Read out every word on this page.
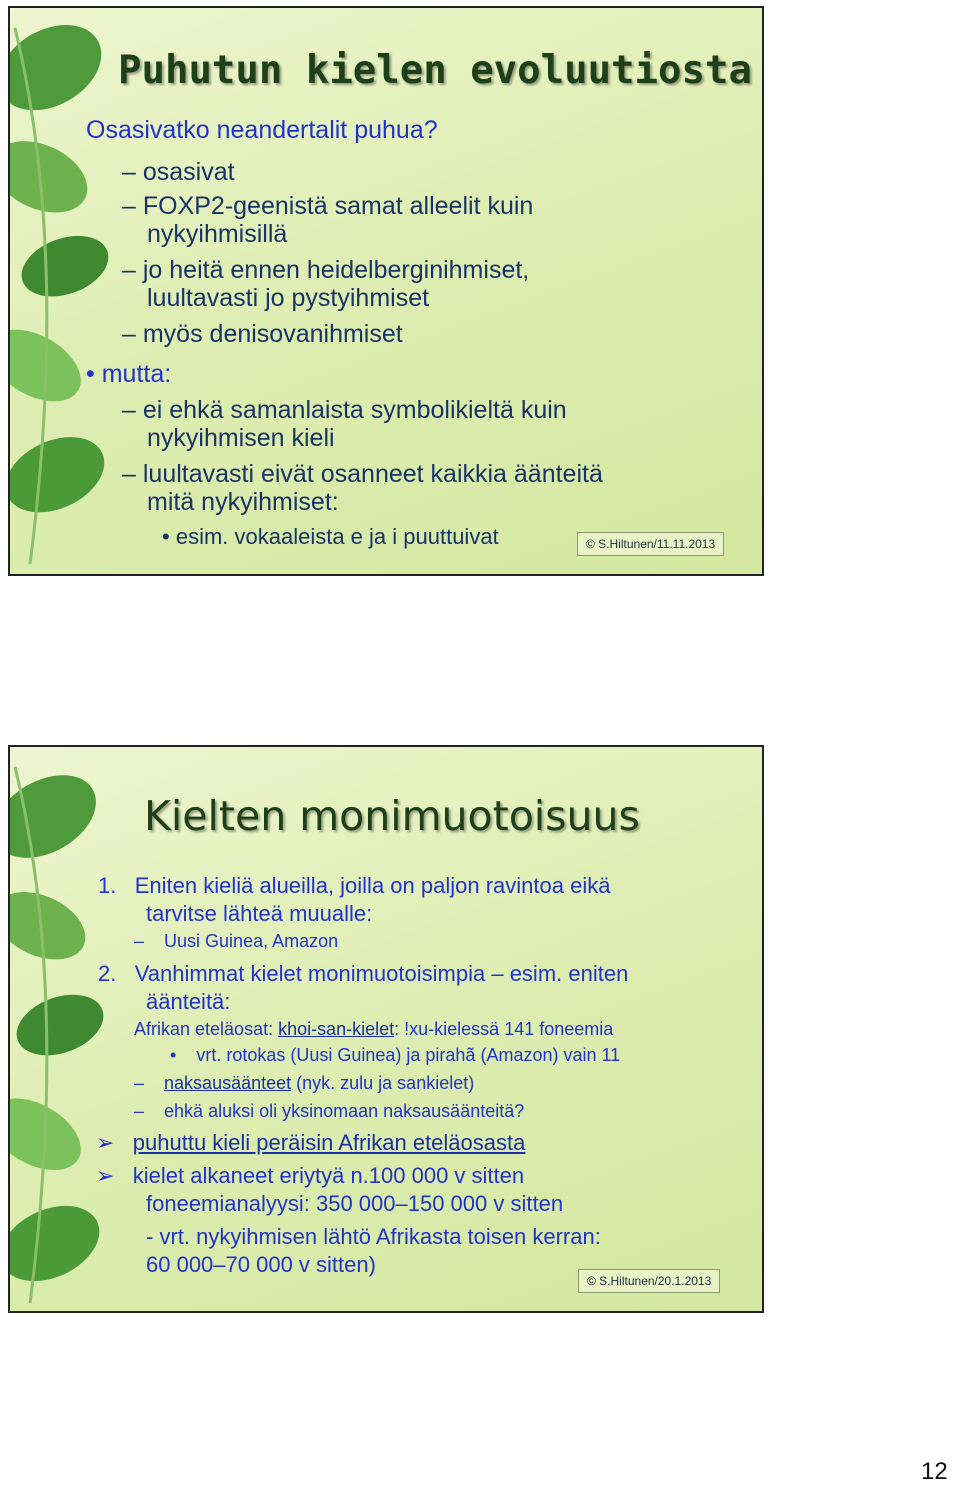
Puhutun kielen evoluutiosta
Osasivatko neandertalit puhua?
– osasivat
– FOXP2-geenistä samat alleelit kuin
nykyihmisillä
– jo heitä ennen heidelberginihmiset,
luultavasti jo pystyihmiset
– myös denisovanihmiset
• mutta:
– ei ehkä samanlaista symbolikieltä kuin
nykyihmisen kieli
– luultavasti eivät osanneet kaikkia äänteitä
mitä nykyihmiset:
• esim. vokaaleista e ja i puuttuivat	© S.Hiltunen/11.11.2013
Kielten monimuotoisuus
1. Eniten kieliä alueilla, joilla on paljon ravintoa eikä
tarvitse lähteä muualle:
– Uusi Guinea, Amazon
2. Vanhimmat kielet monimuotoisimpia – esim. eniten
äänteitä:
Afrikan eteläosat: khoi-san-kielet: !xu-kielessä 141 foneemia
• vrt. rotokas (Uusi Guinea) ja pirahã (Amazon) vain 11
– naksausäänteet (nyk. zulu ja sankielet)
– ehkä aluksi oli yksinomaan naksausäänteitä?
➢ puhuttu kieli peräisin Afrikan eteläosasta
➢ kielet alkaneet eriytyä n.100 000 v sitten
foneemianalyysi: 350 000–150 000 v sitten
- vrt. nykyihmisen lähtö Afrikasta toisen kerran:
60 000–70 000 v sitten)
© S.Hiltunen/20.1.2013
12
